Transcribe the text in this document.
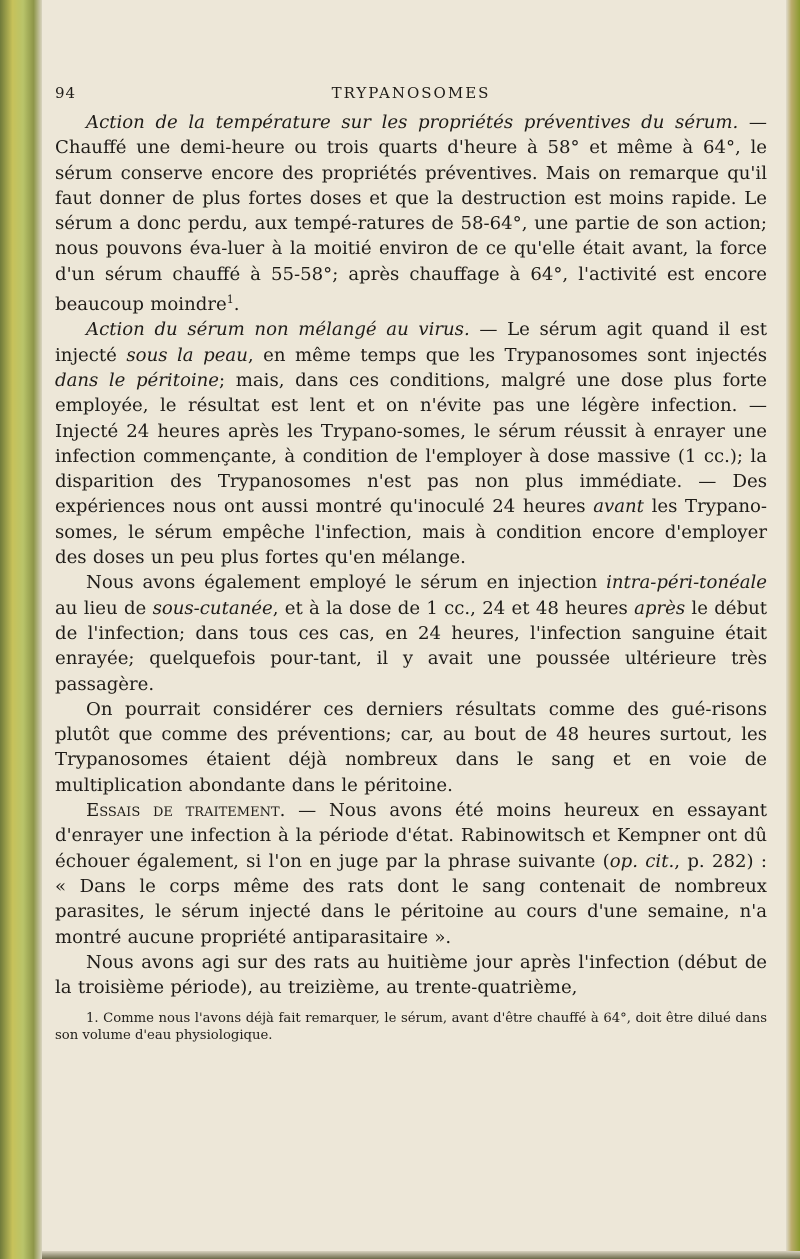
94	TRYPANOSOMES

Action de la température sur les propriétés préventives du sérum. — Chauffé une demi-heure ou trois quarts d'heure à 58° et même à 64°, le sérum conserve encore des propriétés préventives. Mais on remarque qu'il faut donner de plus fortes doses et que la destruction est moins rapide. Le sérum a donc perdu, aux tempé-ratures de 58-64°, une partie de son action; nous pouvons éva-luer à la moitié environ de ce qu'elle était avant, la force d'un sérum chauffé à 55-58°; après chauffage à 64°, l'activité est encore beaucoup moindre$^1$.

Action du sérum non mélangé au virus. — Le sérum agit quand il est injecté sous la peau, en même temps que les Trypanosomes sont injectés dans le péritoine; mais, dans ces conditions, malgré une dose plus forte employée, le résultat est lent et on n'évite pas une légère infection. — Injecté 24 heures après les Trypano-somes, le sérum réussit à enrayer une infection commençante, à condition de l'employer à dose massive (1 cc.); la disparition des Trypanosomes n'est pas non plus immédiate. — Des expériences nous ont aussi montré qu'inoculé 24 heures avant les Trypano-somes, le sérum empêche l'infection, mais à condition encore d'employer des doses un peu plus fortes qu'en mélange.

Nous avons également employé le sérum en injection intra-péri-tonéale au lieu de sous-cutanée, et à la dose de 1 cc., 24 et 48 heures après le début de l'infection; dans tous ces cas, en 24 heures, l'infection sanguine était enrayée; quelquefois pour-tant, il y avait une poussée ultérieure très passagère.

On pourrait considérer ces derniers résultats comme des gué-risons plutôt que comme des préventions; car, au bout de 48 heures surtout, les Trypanosomes étaient déjà nombreux dans le sang et en voie de multiplication abondante dans le péritoine.

Essais de traitement. — Nous avons été moins heureux en essayant d'enrayer une infection à la période d'état. Rabinowitsch et Kempner ont dû échouer également, si l'on en juge par la phrase suivante (op. cit., p. 282) : « Dans le corps même des rats dont le sang contenait de nombreux parasites, le sérum injecté dans le péritoine au cours d'une semaine, n'a montré aucune propriété antiparasitaire ».

Nous avons agi sur des rats au huitième jour après l'infection (début de la troisième période), au treizième, au trente-quatrième,

1. Comme nous l'avons déjà fait remarquer, le sérum, avant d'être chauffé à 64°, doit être dilué dans son volume d'eau physiologique.
